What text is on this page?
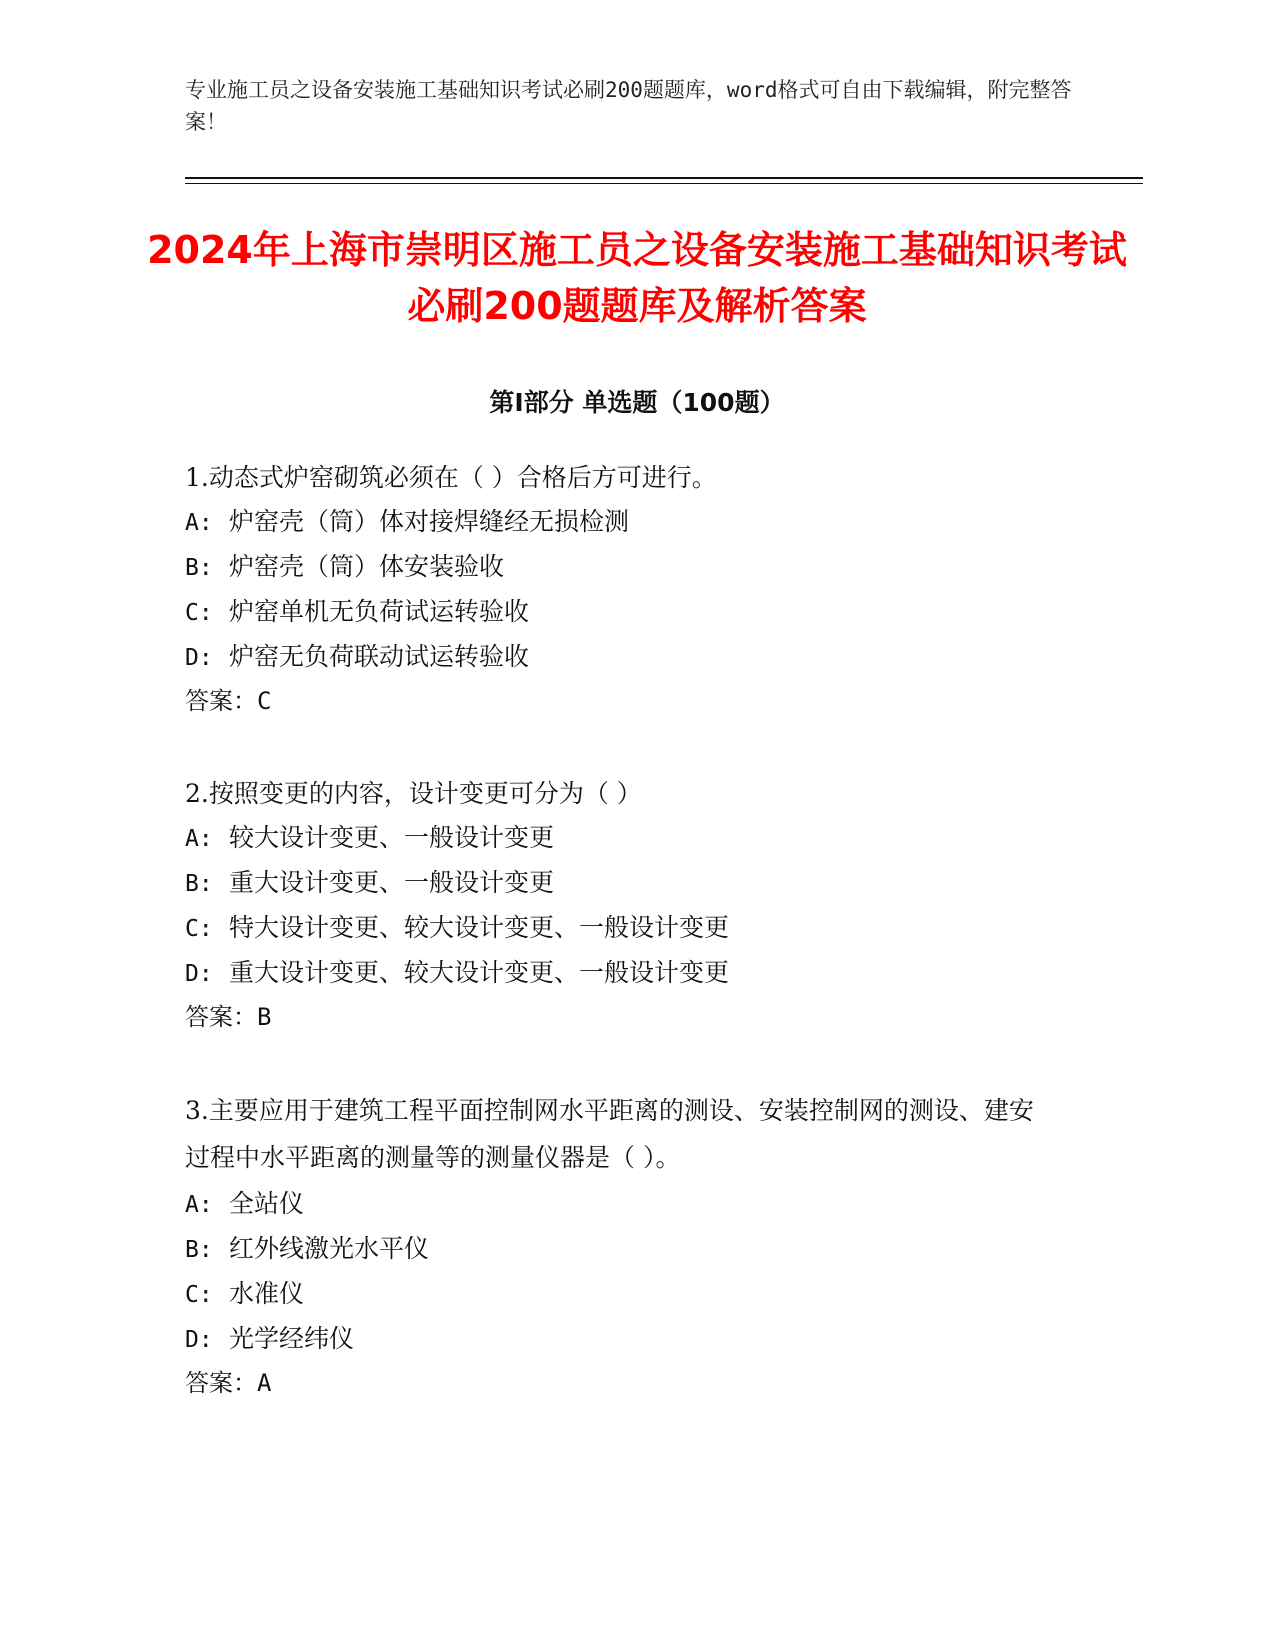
专业施工员之设备安装施工基础知识考试必刷200题题库，word格式可自由下载编辑，附完整答案！
2024年上海市崇明区施工员之设备安装施工基础知识考试必刷200题题库及解析答案
第I部分 单选题（100题）
1.动态式炉窑砌筑必须在（ ）合格后方可进行。
A: 炉窑壳（筒）体对接焊缝经无损检测
B: 炉窑壳（筒）体安装验收
C: 炉窑单机无负荷试运转验收
D: 炉窑无负荷联动试运转验收
答案：C
2.按照变更的内容，设计变更可分为（ ）
A: 较大设计变更、一般设计变更
B: 重大设计变更、一般设计变更
C: 特大设计变更、较大设计变更、一般设计变更
D: 重大设计变更、较大设计变更、一般设计变更
答案：B
3.主要应用于建筑工程平面控制网水平距离的测设、安装控制网的测设、建安过程中水平距离的测量等的测量仪器是（ ）。
A: 全站仪
B: 红外线激光水平仪
C: 水准仪
D: 光学经纬仪
答案：A
